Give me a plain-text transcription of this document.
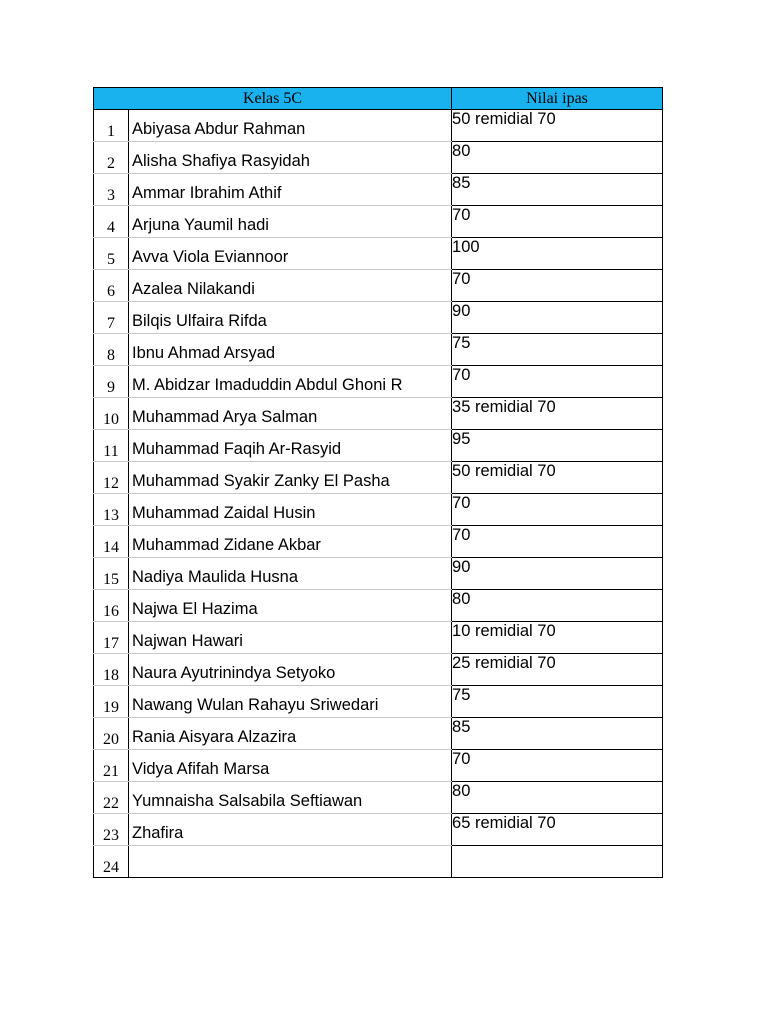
Kelas 5C		Nilai ipas
1	Abiyasa Abdur Rahman	50 remidial 70
2	Alisha Shafiya Rasyidah	80
3	Ammar Ibrahim Athif	85
4	Arjuna Yaumil hadi	70
5	Avva Viola Eviannoor	100
6	Azalea Nilakandi	70
7	Bilqis Ulfaira Rifda	90
8	Ibnu Ahmad Arsyad	75
9	M. Abidzar Imaduddin Abdul Ghoni R	70
10	Muhammad Arya Salman	35 remidial 70
11	Muhammad Faqih Ar-Rasyid	95
12	Muhammad Syakir Zanky El Pasha	50 remidial 70
13	Muhammad Zaidal Husin	70
14	Muhammad Zidane Akbar	70
15	Nadiya Maulida Husna	90
16	Najwa El Hazima	80
17	Najwan Hawari	10 remidial 70
18	Naura Ayutrinindya Setyoko	25 remidial 70
19	Nawang Wulan Rahayu Sriwedari	75
20	Rania Aisyara Alzazira	85
21	Vidya Afifah Marsa	70
22	Yumnaisha Salsabila Seftiawan	80
23	Zhafira	65 remidial 70
24		
